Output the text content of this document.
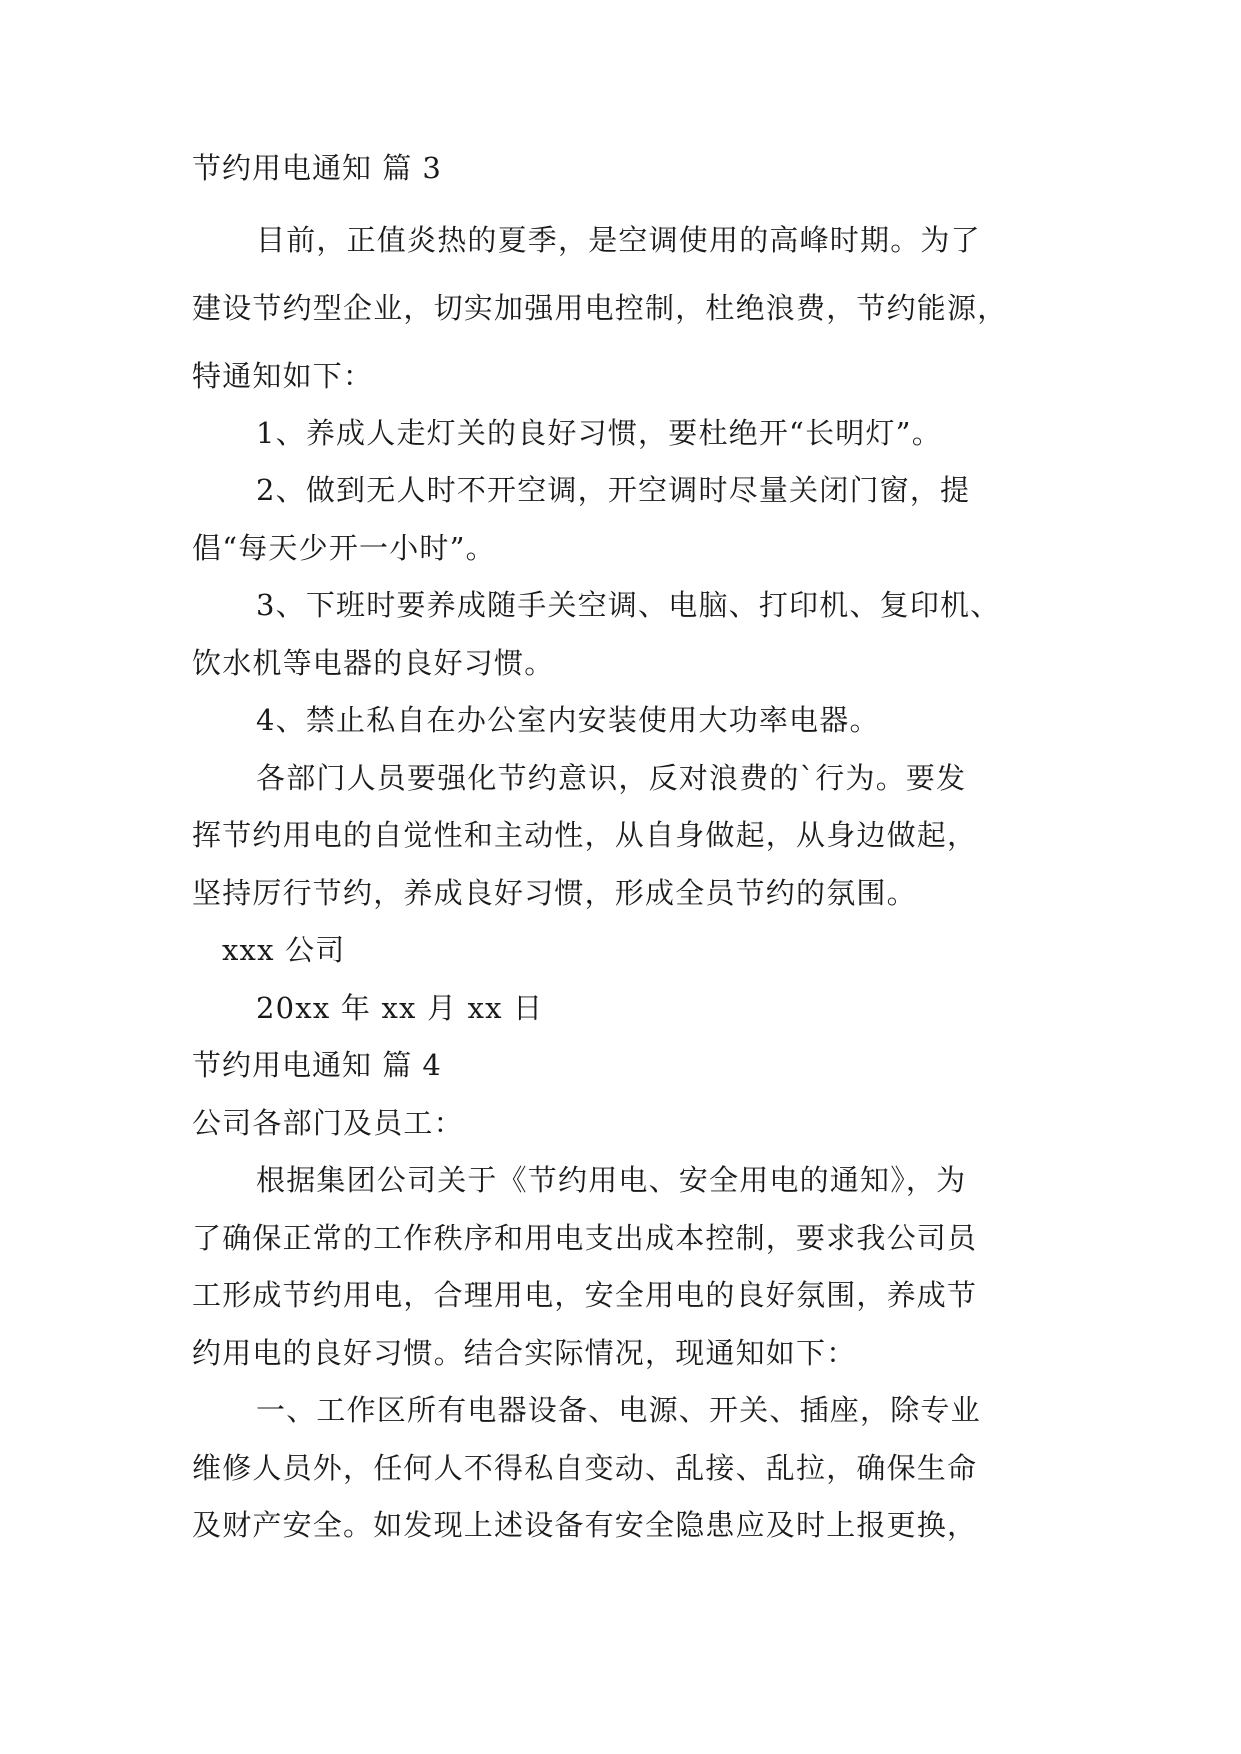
节约用电通知 篇 3

目前，正值炎热的夏季，是空调使用的高峰时期。为了

建设节约型企业，切实加强用电控制，杜绝浪费，节约能源，

特通知如下：

1、养成人走灯关的良好习惯，要杜绝开“长明灯”。

2、做到无人时不开空调，开空调时尽量关闭门窗，提

倡“每天少开一小时”。

3、下班时要养成随手关空调、电脑、打印机、复印机、

饮水机等电器的良好习惯。

4、禁止私自在办公室内安装使用大功率电器。

各部门人员要强化节约意识，反对浪费的`行为。要发

挥节约用电的自觉性和主动性，从自身做起，从身边做起，

坚持厉行节约，养成良好习惯，形成全员节约的氛围。

xxx 公司

20xx 年 xx 月 xx 日

节约用电通知 篇 4

公司各部门及员工：

根据集团公司关于《节约用电、安全用电的通知》，为

了确保正常的工作秩序和用电支出成本控制，要求我公司员

工形成节约用电，合理用电，安全用电的良好氛围，养成节

约用电的良好习惯。结合实际情况，现通知如下：

一、工作区所有电器设备、电源、开关、插座，除专业

维修人员外，任何人不得私自变动、乱接、乱拉，确保生命

及财产安全。如发现上述设备有安全隐患应及时上报更换，
